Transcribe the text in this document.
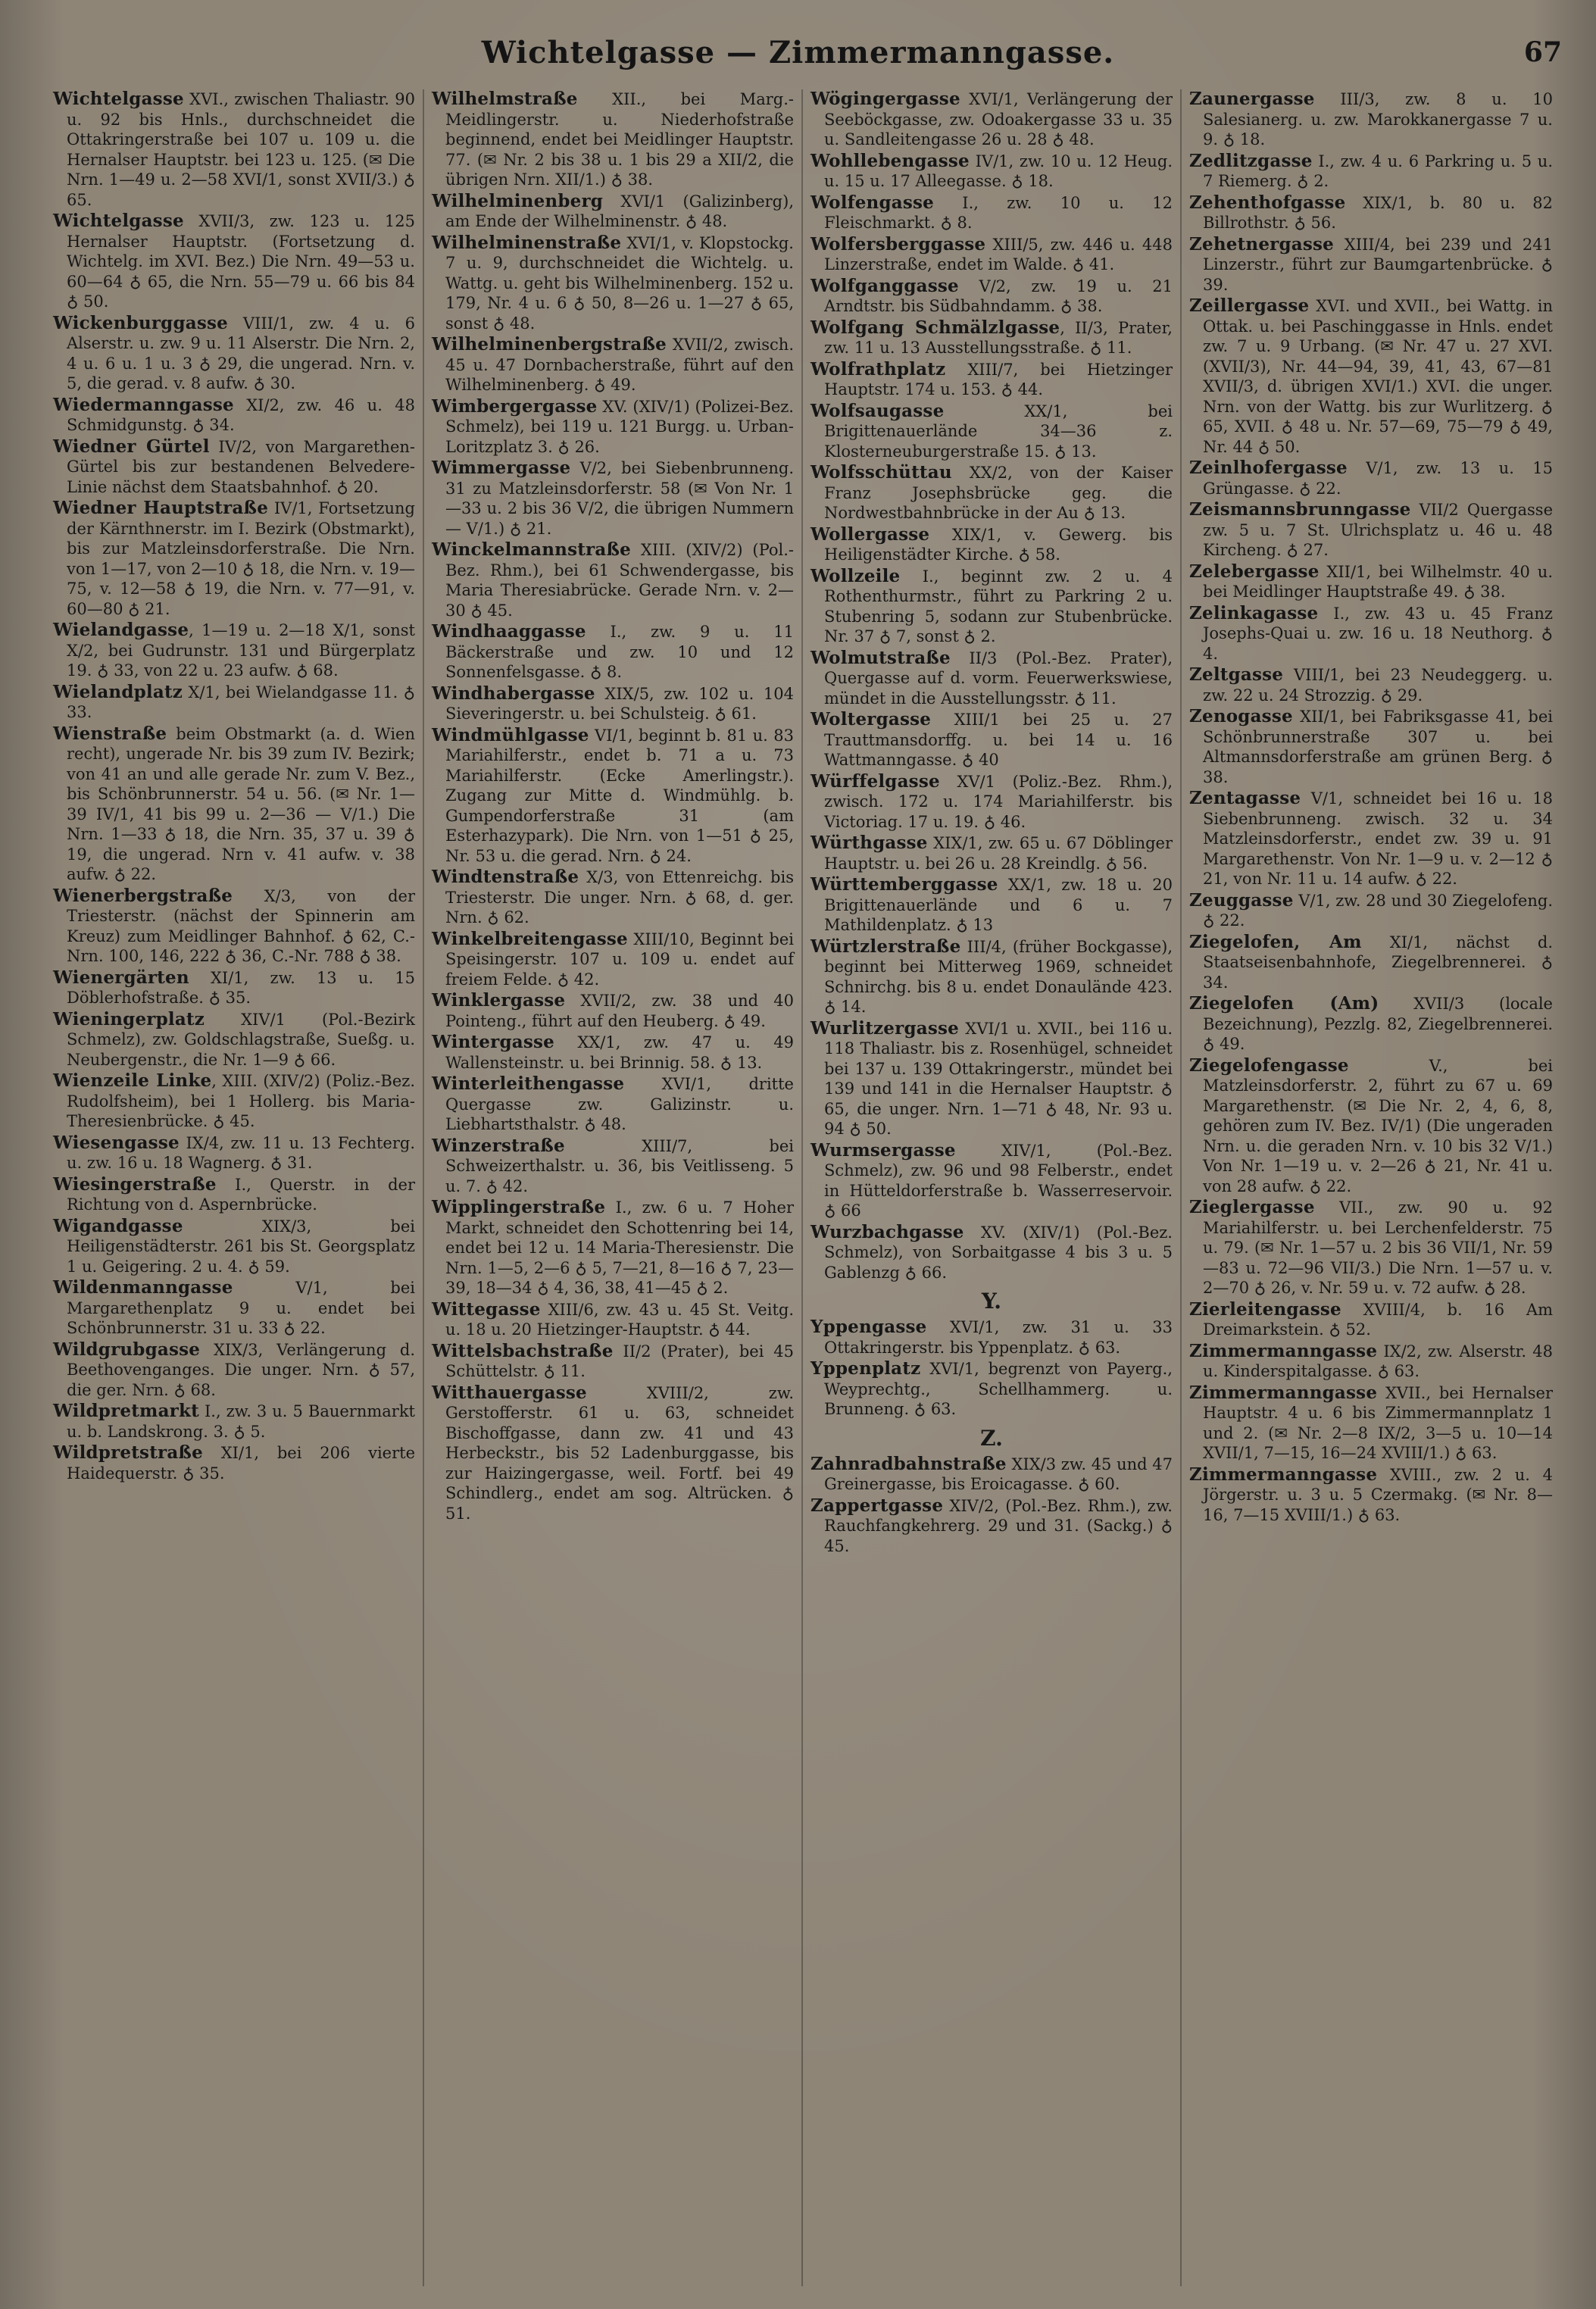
Wichtelgasse — Zimmermanngasse.	67
Wichtelgasse XVI., zwischen Thaliastr. 90 u. 92 bis Hnls., durchschneidet die Ottakringerstraße bei 107 u. 109 u. die Hernalser Hauptstr. bei 123 u. 125. (✉ Die Nrn. 1—49 u. 2—58 XVI/1, sonst XVII/3.) ♁ 65.
Wichtelgasse XVII/3, zw. 123 u. 125 Hernalser Hauptstr. (Fortsetzung d. Wichtelg. im XVI. Bez.) Die Nrn. 49—53 u. 60—64 ♁ 65, die Nrn. 55—79 u. 66 bis 84 ♁ 50.
Wickenburggasse VIII/1, zw. 4 u. 6 Alserstr. u. zw. 9 u. 11 Alserstr. Die Nrn. 2, 4 u. 6 u. 1 u. 3 ♁ 29, die ungerad. Nrn. v. 5, die gerad. v. 8 aufw. ♁ 30.
Wiedermanngasse XI/2, zw. 46 u. 48 Schmidgunstg. ♁ 34.
Wiedner Gürtel IV/2, von Margarethen-Gürtel bis zur bestandenen Belvedere-Linie nächst dem Staatsbahnhof. ♁ 20.
Wiedner Hauptstraße IV/1, Fortsetzung der Kärnthnerstr. im I. Bezirk (Obstmarkt), bis zur Matzleinsdorferstraße. Die Nrn. von 1—17, von 2—10 ♁ 18, die Nrn. v. 19—75, v. 12—58 ♁ 19, die Nrn. v. 77—91, v. 60—80 ♁ 21.
Wielandgasse, 1—19 u. 2—18 X/1, sonst X/2, bei Gudrunstr. 131 und Bürgerplatz 19. ♁ 33, von 22 u. 23 aufw. ♁ 68.
Wielandplatz X/1, bei Wielandgasse 11. ♁ 33.
Wienstraße beim Obstmarkt (a. d. Wien recht), ungerade Nr. bis 39 zum IV. Bezirk; von 41 an und alle gerade Nr. zum V. Bez., bis Schönbrunnerstr. 54 u. 56. (✉ Nr. 1—39 IV/1, 41 bis 99 u. 2—36 — V/1.) Die Nrn. 1—33 ♁ 18, die Nrn. 35, 37 u. 39 ♁ 19, die ungerad. Nrn v. 41 aufw. v. 38 aufw. ♁ 22.
Wienerbergstraße X/3, von der Triesterstr. (nächst der Spinnerin am Kreuz) zum Meidlinger Bahnhof. ♁ 62, C.-Nrn. 100, 146, 222 ♁ 36, C.-Nr. 788 ♁ 38.
Wienergärten XI/1, zw. 13 u. 15 Döblerhofstraße. ♁ 35.
Wieningerplatz XIV/1 (Pol.-Bezirk Schmelz), zw. Goldschlagstraße, Sueßg. u. Neubergenstr., die Nr. 1—9 ♁ 66.
Wienzeile Linke, XIII. (XIV/2) (Poliz.-Bez. Rudolfsheim), bei 1 Hollerg. bis Maria-Theresienbrücke. ♁ 45.
Wiesengasse IX/4, zw. 11 u. 13 Fechterg. u. zw. 16 u. 18 Wagnerg. ♁ 31.
Wiesingerstraße I., Querstr. in der Richtung von d. Aspernbrücke.
Wigandgasse XIX/3, bei Heiligenstädterstr. 261 bis St. Georgsplatz 1 u. Geigering. 2 u. 4. ♁ 59.
Wildenmanngasse V/1, bei Margarethenplatz 9 u. endet bei Schönbrunnerstr. 31 u. 33 ♁ 22.
Wildgrubgasse XIX/3, Verlängerung d. Beethovenganges. Die unger. Nrn. ♁ 57, die ger. Nrn. ♁ 68.
Wildpretmarkt I., zw. 3 u. 5 Bauernmarkt u. b. Landskrong. 3. ♁ 5.
Wildpretstraße XI/1, bei 206 vierte Haidequerstr. ♁ 35.
Wilhelmstraße XII., bei Marg.-Meidlingerstr. u. Niederhofstraße beginnend, endet bei Meidlinger Hauptstr. 77. (✉ Nr. 2 bis 38 u. 1 bis 29 a XII/2, die übrigen Nrn. XII/1.) ♁ 38.
Wilhelminenberg XVI/1 (Galizinberg), am Ende der Wilhelminenstr. ♁ 48.
Wilhelminenstraße XVI/1, v. Klopstockg. 7 u. 9, durchschneidet die Wichtelg. u. Wattg. u. geht bis Wilhelminenberg. 152 u. 179, Nr. 4 u. 6 ♁ 50, 8—26 u. 1—27 ♁ 65, sonst ♁ 48.
Wilhelminenbergstraße XVII/2, zwisch. 45 u. 47 Dornbacherstraße, führt auf den Wilhelminenberg. ♁ 49.
Wimbergergasse XV. (XIV/1) (Polizei-Bez. Schmelz), bei 119 u. 121 Burgg. u. Urban-Loritzplatz 3. ♁ 26.
Wimmergasse V/2, bei Siebenbrunneng. 31 zu Matzleinsdorferstr. 58 (✉ Von Nr. 1—33 u. 2 bis 36 V/2, die übrigen Nummern — V/1.) ♁ 21.
Winckelmannstraße XIII. (XIV/2) (Pol.-Bez. Rhm.), bei 61 Schwendergasse, bis Maria Theresiabrücke. Gerade Nrn. v. 2—30 ♁ 45.
Windhaaggasse I., zw. 9 u. 11 Bäckerstraße und zw. 10 und 12 Sonnenfelsgasse. ♁ 8.
Windhabergasse XIX/5, zw. 102 u. 104 Sieveringerstr. u. bei Schulsteig. ♁ 61.
Windmühlgasse VI/1, beginnt b. 81 u. 83 Mariahilferstr., endet b. 71 a u. 73 Mariahilferstr. (Ecke Amerlingstr.). Zugang zur Mitte d. Windmühlg. b. Gumpendorferstraße 31 (am Esterhazypark). Die Nrn. von 1—51 ♁ 25, Nr. 53 u. die gerad. Nrn. ♁ 24.
Windtenstraße X/3, von Ettenreichg. bis Triesterstr. Die unger. Nrn. ♁ 68, d. ger. Nrn. ♁ 62.
Winkelbreitengasse XIII/10, Beginnt bei Speisingerstr. 107 u. 109 u. endet auf freiem Felde. ♁ 42.
Winklergasse XVII/2, zw. 38 und 40 Pointeng., führt auf den Heuberg. ♁ 49.
Wintergasse XX/1, zw. 47 u. 49 Wallensteinstr. u. bei Brinnig. 58. ♁ 13.
Winterleithengasse XVI/1, dritte Quergasse zw. Galizinstr. u. Liebhartsthalstr. ♁ 48.
Winzerstraße XIII/7, bei Schweizerthalstr. u. 36, bis Veitlisseng. 5 u. 7. ♁ 42.
Wipplingerstraße I., zw. 6 u. 7 Hoher Markt, schneidet den Schottenring bei 14, endet bei 12 u. 14 Maria-Theresienstr. Die Nrn. 1—5, 2—6 ♁ 5, 7—21, 8—16 ♁ 7, 23—39, 18—34 ♁ 4, 36, 38, 41—45 ♁ 2.
Wittegasse XIII/6, zw. 43 u. 45 St. Veitg. u. 18 u. 20 Hietzinger-Hauptstr. ♁ 44.
Wittelsbachstraße II/2 (Prater), bei 45 Schüttelstr. ♁ 11.
Witthauergasse XVIII/2, zw. Gerstofferstr. 61 u. 63, schneidet Bischoffgasse, dann zw. 41 und 43 Herbeckstr., bis 52 Ladenburggasse, bis zur Haizingergasse, weil. Fortf. bei 49 Schindlerg., endet am sog. Altrücken. ♁ 51.
Wögingergasse XVI/1, Verlängerung der Seeböckgasse, zw. Odoakergasse 33 u. 35 u. Sandleitengasse 26 u. 28 ♁ 48.
Wohllebengasse IV/1, zw. 10 u. 12 Heug. u. 15 u. 17 Alleegasse. ♁ 18.
Wolfengasse I., zw. 10 u. 12 Fleischmarkt. ♁ 8.
Wolfersberggasse XIII/5, zw. 446 u. 448 Linzerstraße, endet im Walde. ♁ 41.
Wolfganggasse V/2, zw. 19 u. 21 Arndtstr. bis Südbahndamm. ♁ 38.
Wolfgang Schmälzlgasse, II/3, Prater, zw. 11 u. 13 Ausstellungsstraße. ♁ 11.
Wolfrathplatz XIII/7, bei Hietzinger Hauptstr. 174 u. 153. ♁ 44.
Wolfsaugasse XX/1, bei Brigittenauerlände 34—36 z. Klosterneuburgerstraße 15. ♁ 13.
Wolfsschüttau XX/2, von der Kaiser Franz Josephsbrücke geg. die Nordwestbahnbrücke in der Au ♁ 13.
Wollergasse XIX/1, v. Gewerg. bis Heiligenstädter Kirche. ♁ 58.
Wollzeile I., beginnt zw. 2 u. 4 Rothenthurmstr., führt zu Parkring 2 u. Stubenring 5, sodann zur Stubenbrücke. Nr. 37 ♁ 7, sonst ♁ 2.
Wolmutstraße II/3 (Pol.-Bez. Prater), Quergasse auf d. vorm. Feuerwerkswiese, mündet in die Ausstellungsstr. ♁ 11.
Woltergasse XIII/1 bei 25 u. 27 Trauttmansdorffg. u. bei 14 u. 16 Wattmanngasse. ♁ 40
Würffelgasse XV/1 (Poliz.-Bez. Rhm.), zwisch. 172 u. 174 Mariahilferstr. bis Victoriag. 17 u. 19. ♁ 46.
Würthgasse XIX/1, zw. 65 u. 67 Döblinger Hauptstr. u. bei 26 u. 28 Kreindlg. ♁ 56.
Württemberggasse XX/1, zw. 18 u. 20 Brigittenauerlände und 6 u. 7 Mathildenplatz. ♁ 13
Würtzlerstraße III/4, (früher Bockgasse), beginnt bei Mitterweg 1969, schneidet Schnirchg. bis 8 u. endet Donaulände 423. ♁ 14.
Wurlitzergasse XVI/1 u. XVII., bei 116 u. 118 Thaliastr. bis z. Rosenhügel, schneidet bei 137 u. 139 Ottakringerstr., mündet bei 139 und 141 in die Hernalser Hauptstr. ♁ 65, die unger. Nrn. 1—71 ♁ 48, Nr. 93 u. 94 ♁ 50.
Wurmsergasse XIV/1, (Pol.-Bez. Schmelz), zw. 96 und 98 Felberstr., endet in Hütteldorferstraße b. Wasserreservoir. ♁ 66
Wurzbachgasse XV. (XIV/1) (Pol.-Bez. Schmelz), von Sorbaitgasse 4 bis 3 u. 5 Gablenzg ♁ 66.
Y.
Yppengasse XVI/1, zw. 31 u. 33 Ottakringerstr. bis Yppenplatz. ♁ 63.
Yppenplatz XVI/1, begrenzt von Payerg., Weyprechtg., Schellhammerg. u. Brunneng. ♁ 63.
Z.
Zahnradbahnstraße XIX/3 zw. 45 und 47 Greinergasse, bis Eroicagasse. ♁ 60.
Zappertgasse XIV/2, (Pol.-Bez. Rhm.), zw. Rauchfangkehrerg. 29 und 31. (Sackg.) ♁ 45.
Zaunergasse III/3, zw. 8 u. 10 Salesianerg. u. zw. Marokkanergasse 7 u. 9. ♁ 18.
Zedlitzgasse I., zw. 4 u. 6 Parkring u. 5 u. 7 Riemerg. ♁ 2.
Zehenthofgasse XIX/1, b. 80 u. 82 Billrothstr. ♁ 56.
Zehetnergasse XIII/4, bei 239 und 241 Linzerstr., führt zur Baumgartenbrücke. ♁ 39.
Zeillergasse XVI. und XVII., bei Wattg. in Ottak. u. bei Paschinggasse in Hnls. endet zw. 7 u. 9 Urbang. (✉ Nr. 47 u. 27 XVI. (XVII/3), Nr. 44—94, 39, 41, 43, 67—81 XVII/3, d. übrigen XVI/1.) XVI. die unger. Nrn. von der Wattg. bis zur Wurlitzerg. ♁ 65, XVII. ♁ 48 u. Nr. 57—69, 75—79 ♁ 49, Nr. 44 ♁ 50.
Zeinlhofergasse V/1, zw. 13 u. 15 Grüngasse. ♁ 22.
Zeismannsbrunngasse VII/2 Quergasse zw. 5 u. 7 St. Ulrichsplatz u. 46 u. 48 Kircheng. ♁ 27.
Zelebergasse XII/1, bei Wilhelmstr. 40 u. bei Meidlinger Hauptstraße 49. ♁ 38.
Zelinkagasse I., zw. 43 u. 45 Franz Josephs-Quai u. zw. 16 u. 18 Neuthorg. ♁ 4.
Zeltgasse VIII/1, bei 23 Neudeggerg. u. zw. 22 u. 24 Strozzig. ♁ 29.
Zenogasse XII/1, bei Fabriksgasse 41, bei Schönbrunnerstraße 307 u. bei Altmannsdorferstraße am grünen Berg. ♁ 38.
Zentagasse V/1, schneidet bei 16 u. 18 Siebenbrunneng. zwisch. 32 u. 34 Matzleinsdorferstr., endet zw. 39 u. 91 Margarethenstr. Von Nr. 1—9 u. v. 2—12 ♁ 21, von Nr. 11 u. 14 aufw. ♁ 22.
Zeuggasse V/1, zw. 28 und 30 Ziegelofeng. ♁ 22.
Ziegelofen, Am XI/1, nächst d. Staatseisenbahnhofe, Ziegelbrennerei. ♁ 34.
Ziegelofen (Am) XVII/3 (locale Bezeichnung), Pezzlg. 82, Ziegelbrennerei. ♁ 49.
Ziegelofengasse V., bei Matzleinsdorferstr. 2, führt zu 67 u. 69 Margarethenstr. (✉ Die Nr. 2, 4, 6, 8, gehören zum IV. Bez. IV/1) (Die ungeraden Nrn. u. die geraden Nrn. v. 10 bis 32 V/1.) Von Nr. 1—19 u. v. 2—26 ♁ 21, Nr. 41 u. von 28 aufw. ♁ 22.
Zieglergasse VII., zw. 90 u. 92 Mariahilferstr. u. bei Lerchenfelderstr. 75 u. 79. (✉ Nr. 1—57 u. 2 bis 36 VII/1, Nr. 59—83 u. 72—96 VII/3.) Die Nrn. 1—57 u. v. 2—70 ♁ 26, v. Nr. 59 u. v. 72 aufw. ♁ 28.
Zierleitengasse XVIII/4, b. 16 Am Dreimarkstein. ♁ 52.
Zimmermanngasse IX/2, zw. Alserstr. 48 u. Kinderspitalgasse. ♁ 63.
Zimmermanngasse XVII., bei Hernalser Hauptstr. 4 u. 6 bis Zimmermannplatz 1 und 2. (✉ Nr. 2—8 IX/2, 3—5 u. 10—14 XVII/1, 7—15, 16—24 XVIII/1.) ♁ 63.
Zimmermanngasse XVIII., zw. 2 u. 4 Jörgerstr. u. 3 u. 5 Czermakg. (✉ Nr. 8—16, 7—15 XVIII/1.) ♁ 63.
